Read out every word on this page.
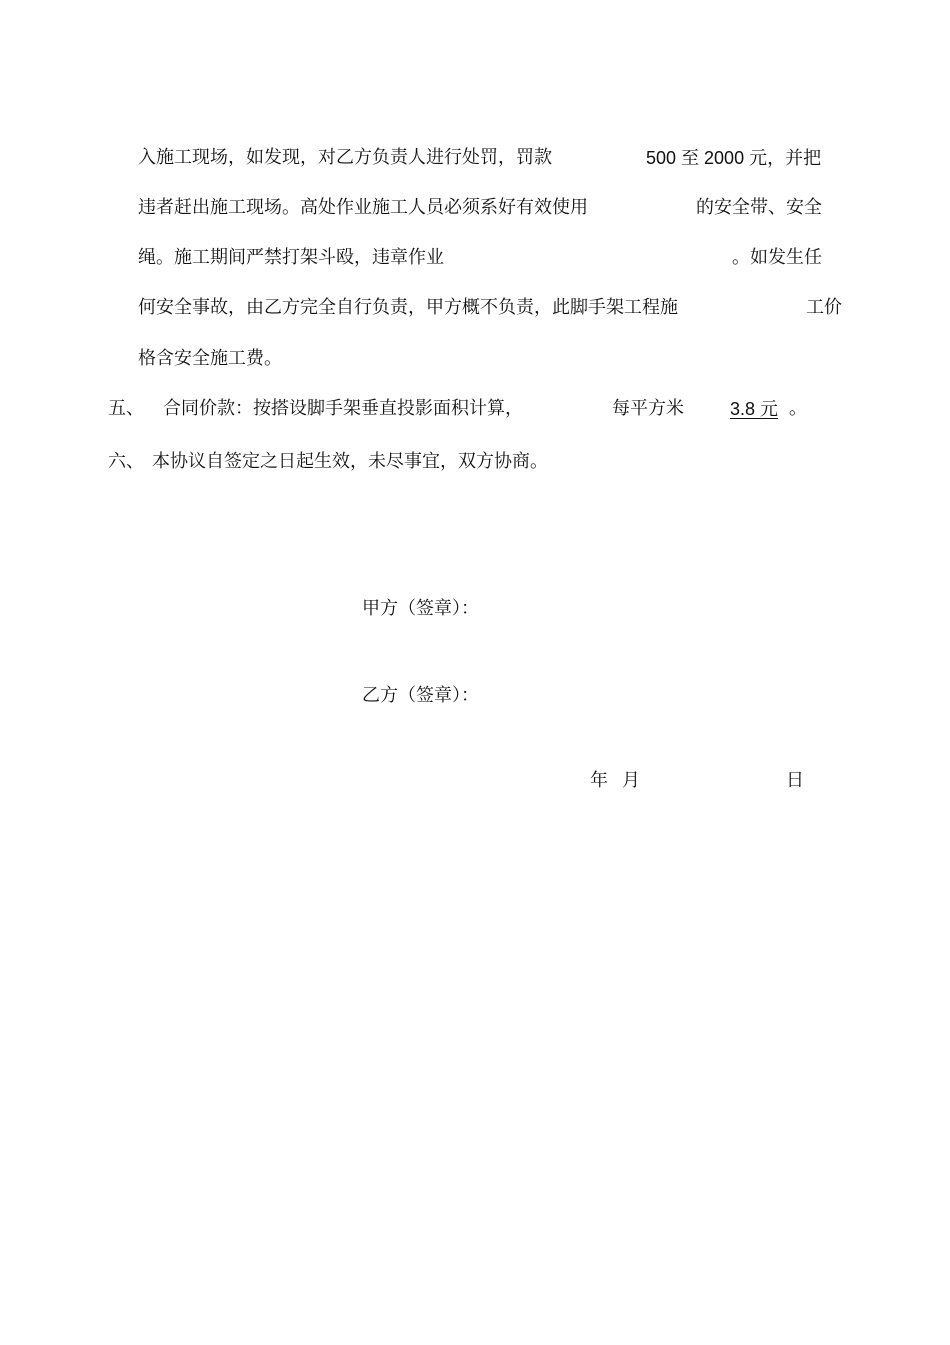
入施工现场，如发现，对乙方负责人进行处罚，罚款	500 至 2000 元，并把
违者赶出施工现场。高处作业施工人员必须系好有效使用	的安全带、安全
绳。施工期间严禁打架斗殴，违章作业	。如发生任
何安全事故，由乙方完全自行负责，甲方概不负责，此脚手架工程施	工价
格含安全施工费。
五、 合同价款：按搭设脚手架垂直投影面积计算，	每平方米	3.8 元 。
六、 本协议自签定之日起生效，未尽事宜，双方协商。
甲方（签章）：
乙方（签章）：
年 月	日
